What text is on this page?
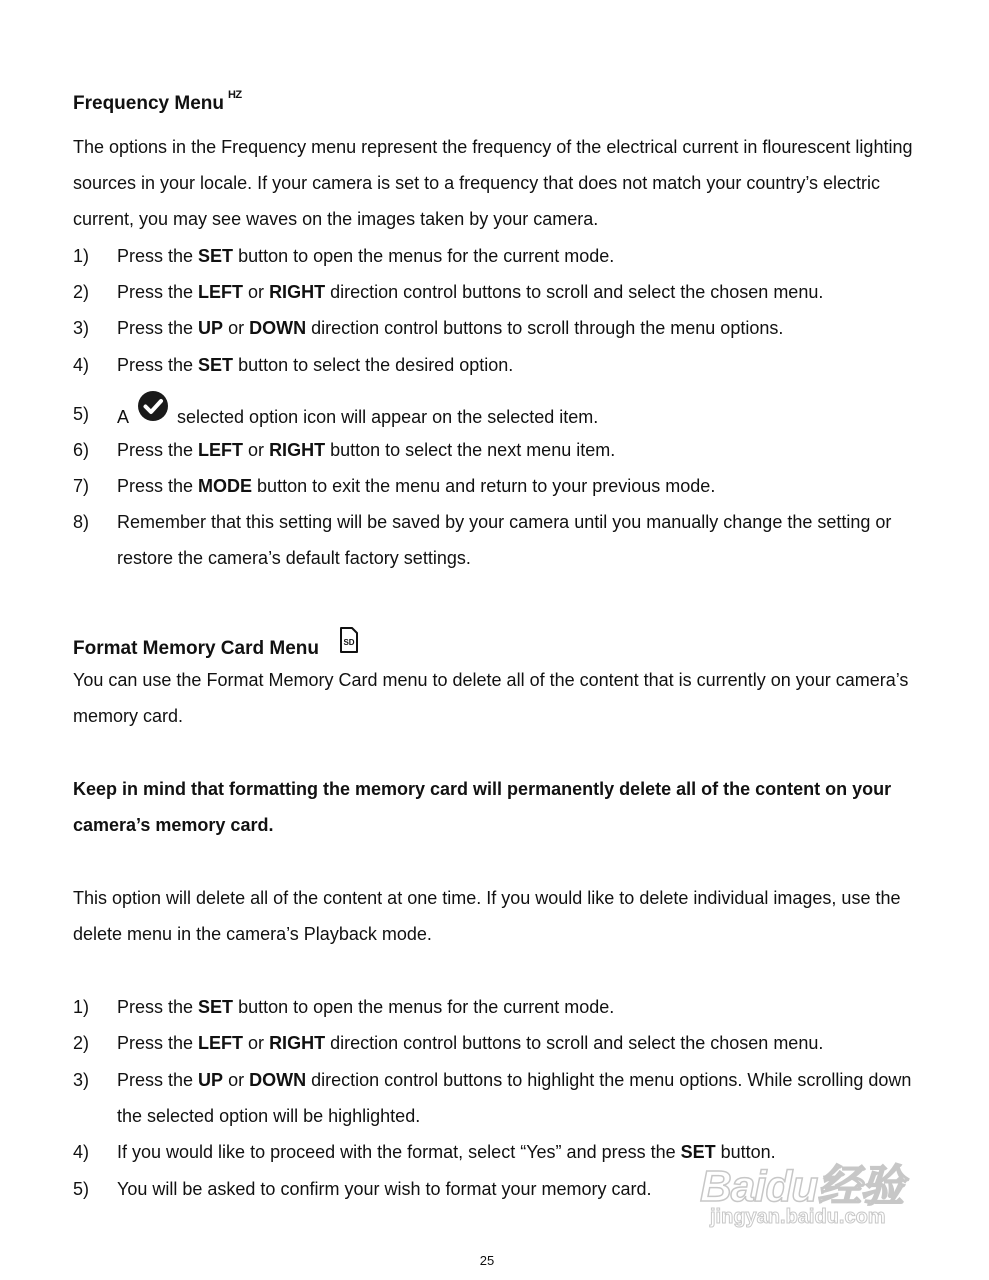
Frequency Menu $^{HZ}$
The options in the Frequency menu represent the frequency of the electrical current in flourescent lighting sources in your locale. If your camera is set to a frequency that does not match your country’s electric current, you may see waves on the images taken by your camera.
1) Press the SET button to open the menus for the current mode.
2) Press the LEFT or RIGHT direction control buttons to scroll and select the chosen menu.
3) Press the UP or DOWN direction control buttons to scroll through the menu options.
4) Press the SET button to select the desired option.
5) A	selected option icon will appear on the selected item.
6) Press the LEFT or RIGHT button to select the next menu item.
7) Press the MODE button to exit the menu and return to your previous mode.
8) Remember that this setting will be saved by your camera until you manually change the setting or restore the camera’s default factory settings.
Format Memory Card Menu	SD
You can use the Format Memory Card menu to delete all of the content that is currently on your camera’s memory card.
Keep in mind that formatting the memory card will permanently delete all of the content on your camera’s memory card.
This option will delete all of the content at one time. If you would like to delete individual images, use the delete menu in the camera’s Playback mode.
1) Press the SET button to open the menus for the current mode.
2) Press the LEFT or RIGHT direction control buttons to scroll and select the chosen menu.
3) Press the UP or DOWN direction control buttons to highlight the menu options. While scrolling down the selected option will be highlighted.
4) If you would like to proceed with the format, select “Yes” and press the SET button.
5) You will be asked to confirm your wish to format your memory card.	Baidu经验
jingyan.baidu.com
25
